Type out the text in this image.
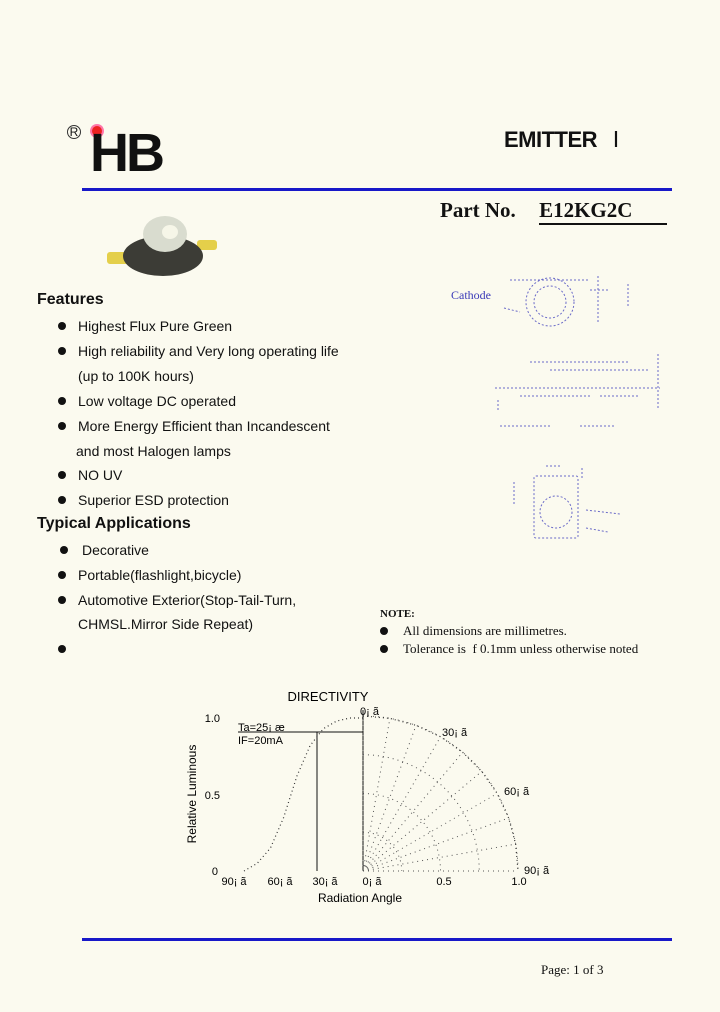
R HB	EMITTER Ⅰ
Part No. E12KG2C
Features
Highest Flux Pure Green
High reliability and Very long operating life
(up to 100K hours)
Low voltage DC operated
More Energy Efficient than Incandescent
and most Halogen lamps
NO UV
Superior ESD protection
Typical Applications
Decorative
Portable(flashlight,bicycle)
Automotive Exterior(Stop-Tail-Turn,
CHMSL.Mirror Side Repeat)
Cathode
NOTE:
All dimensions are millimetres.
Tolerance is  f 0.1mm unless otherwise noted
DIRECTIVITY
Relative Luminous
Radiation Angle
Ta=25¡ æ
IF=20mA
1.0
0.5
0
90¡ ã 60¡ ã 30¡ ã 0¡ ã	0.5	1.0
0¡ ã
30¡ ã
60¡ ã
90¡ ã
Page: 1 of 3
